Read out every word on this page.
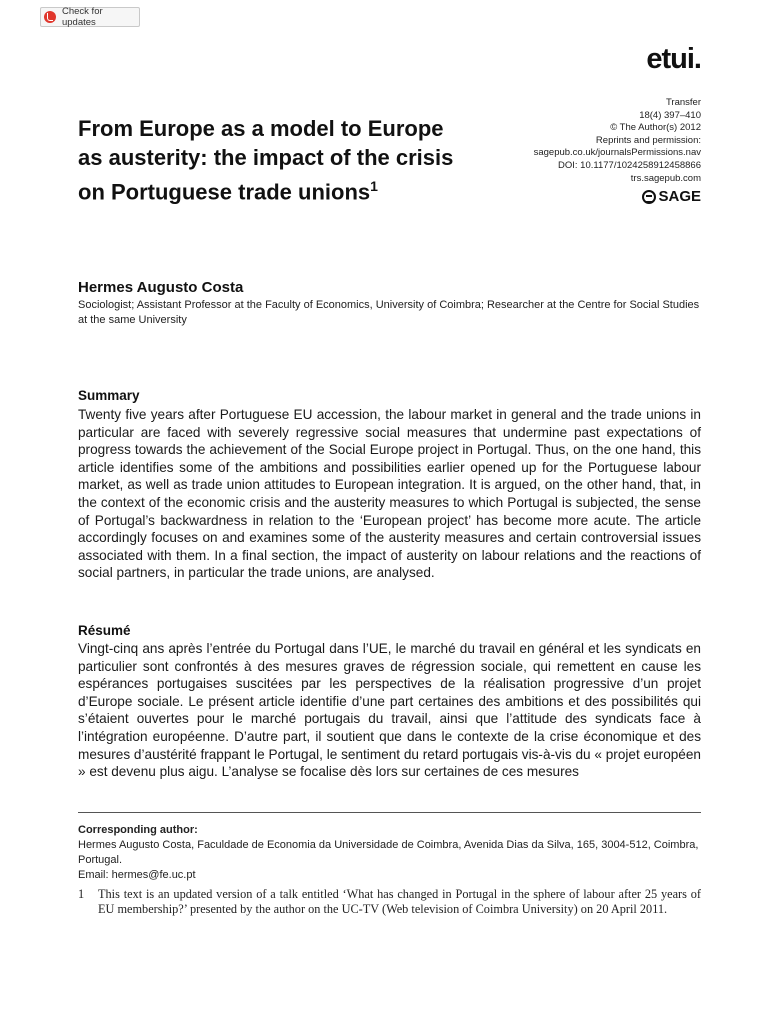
Check for updates
etui.
Transfer
18(4) 397–410
© The Author(s) 2012
Reprints and permission:
sagepub.co.uk/journalsPermissions.nav
DOI: 10.1177/1024258912458866
trs.sagepub.com
SAGE
From Europe as a model to Europe as austerity: the impact of the crisis on Portuguese trade unions$^1$
Hermes Augusto Costa
Sociologist; Assistant Professor at the Faculty of Economics, University of Coimbra; Researcher at the Centre for Social Studies at the same University
Summary
Twenty five years after Portuguese EU accession, the labour market in general and the trade unions in particular are faced with severely regressive social measures that undermine past expectations of progress towards the achievement of the Social Europe project in Portugal. Thus, on the one hand, this article identifies some of the ambitions and possibilities earlier opened up for the Portuguese labour market, as well as trade union attitudes to European integration. It is argued, on the other hand, that, in the context of the economic crisis and the austerity measures to which Portugal is subjected, the sense of Portugal’s backwardness in relation to the ‘European project’ has become more acute. The article accordingly focuses on and examines some of the austerity measures and certain controversial issues associated with them. In a final section, the impact of austerity on labour relations and the reactions of social partners, in particular the trade unions, are analysed.
Résumé
Vingt-cinq ans après l’entrée du Portugal dans l’UE, le marché du travail en général et les syndicats en particulier sont confrontés à des mesures graves de régression sociale, qui remettent en cause les espérances portugaises suscitées par les perspectives de la réalisation progressive d’un projet d’Europe sociale. Le présent article identifie d’une part certaines des ambitions et des possibilités qui s’étaient ouvertes pour le marché portugais du travail, ainsi que l’attitude des syndicats face à l’intégration européenne. D’autre part, il soutient que dans le contexte de la crise économique et des mesures d’austérité frappant le Portugal, le sentiment du retard portugais vis-à-vis du « projet européen » est devenu plus aigu. L’analyse se focalise dès lors sur certaines de ces mesures
Corresponding author:
Hermes Augusto Costa, Faculdade de Economia da Universidade de Coimbra, Avenida Dias da Silva, 165, 3004-512, Coimbra, Portugal.
Email: hermes@fe.uc.pt
1	This text is an updated version of a talk entitled ‘What has changed in Portugal in the sphere of labour after 25 years of EU membership?’ presented by the author on the UC-TV (Web television of Coimbra University) on 20 April 2011.
